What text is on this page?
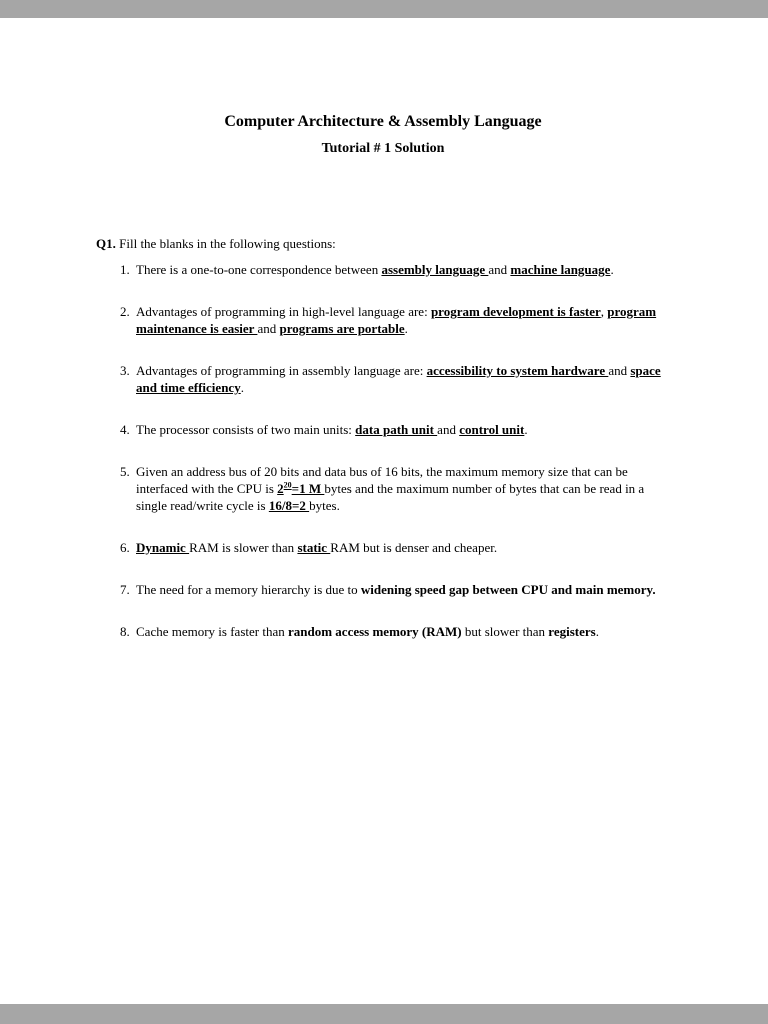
Computer Architecture & Assembly Language
Tutorial # 1 Solution

Q1. Fill the blanks in the following questions:

1. There is a one-to-one correspondence between assembly language and machine language.
2. Advantages of programming in high-level language are: program development is faster, program maintenance is easier and programs are portable.
3. Advantages of programming in assembly language are: accessibility to system hardware and space and time efficiency.
4. The processor consists of two main units: data path unit and control unit.
5. Given an address bus of 20 bits and data bus of 16 bits, the maximum memory size that can be interfaced with the CPU is $2^{20}=1$ M bytes and the maximum number of bytes that can be read in a single read/write cycle is 16/8=2 bytes.
6. Dynamic RAM is slower than static RAM but is denser and cheaper.
7. The need for a memory hierarchy is due to widening speed gap between CPU and main memory.
8. Cache memory is faster than random access memory (RAM) but slower than registers.
